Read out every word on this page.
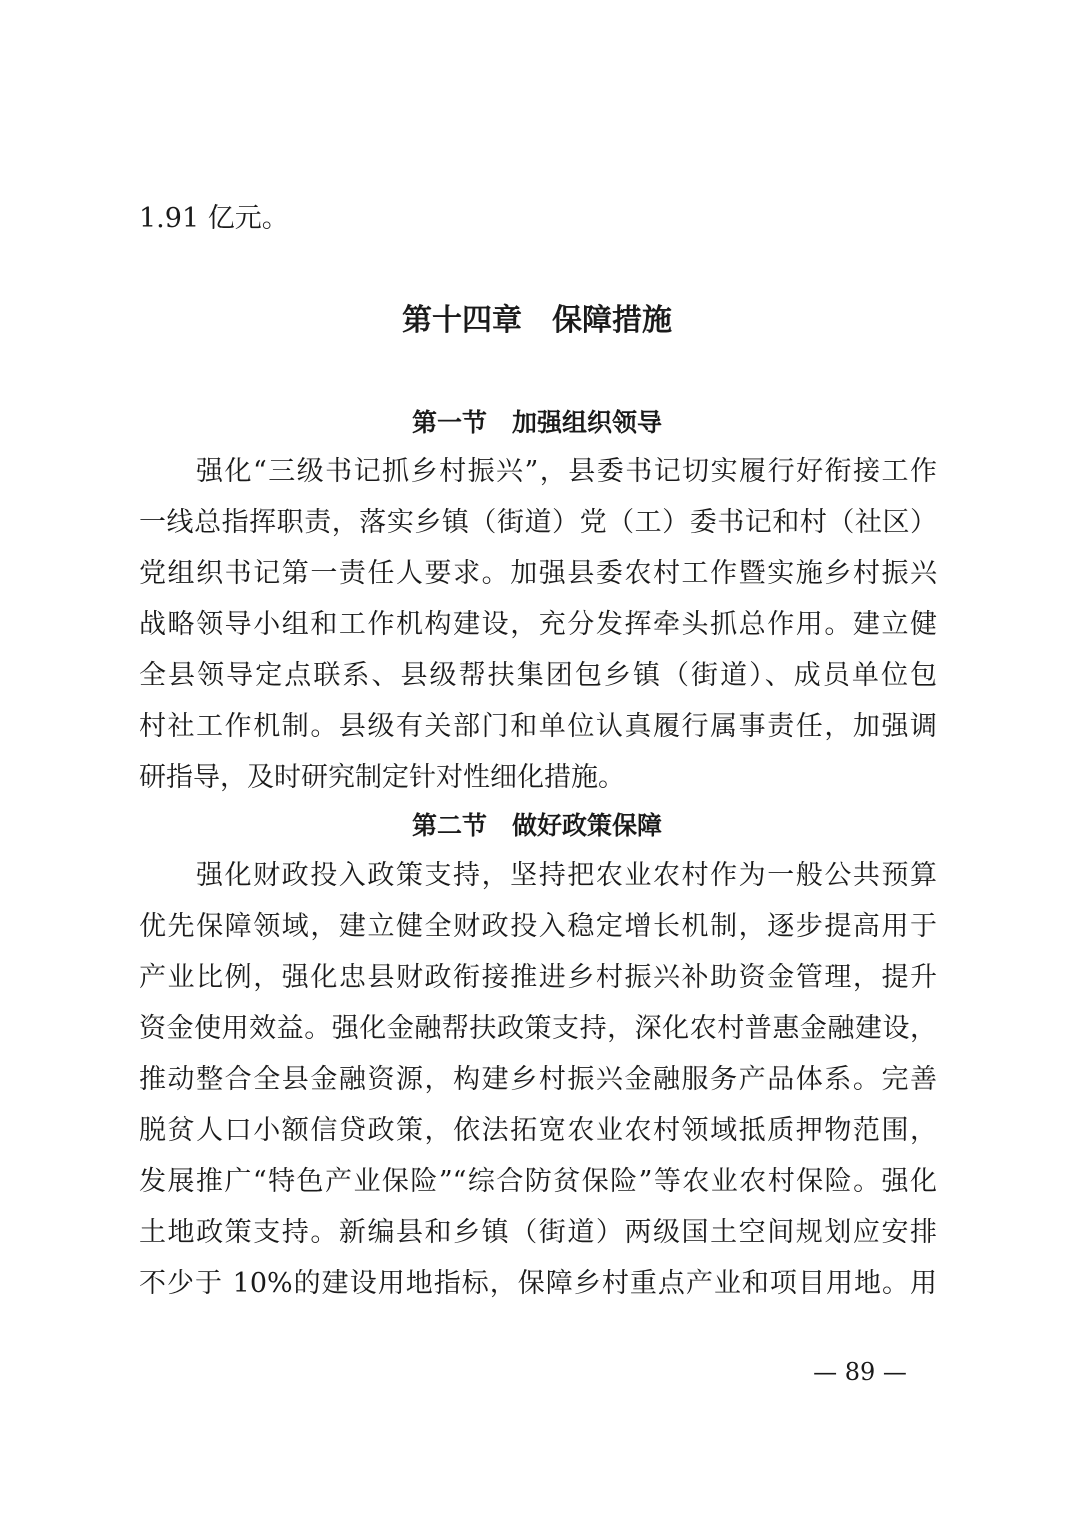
1.91 亿元。
第十四章　保障措施
第一节　加强组织领导
强化“三级书记抓乡村振兴”，县委书记切实履行好衔接工作
一线总指挥职责，落实乡镇（街道）党（工）委书记和村（社区）
党组织书记第一责任人要求。加强县委农村工作暨实施乡村振兴
战略领导小组和工作机构建设，充分发挥牵头抓总作用。建立健
全县领导定点联系、县级帮扶集团包乡镇（街道）、成员单位包
村社工作机制。县级有关部门和单位认真履行属事责任，加强调
研指导，及时研究制定针对性细化措施。
第二节　做好政策保障
强化财政投入政策支持，坚持把农业农村作为一般公共预算
优先保障领域，建立健全财政投入稳定增长机制，逐步提高用于
产业比例，强化忠县财政衔接推进乡村振兴补助资金管理，提升
资金使用效益。强化金融帮扶政策支持，深化农村普惠金融建设，
推动整合全县金融资源，构建乡村振兴金融服务产品体系。完善
脱贫人口小额信贷政策，依法拓宽农业农村领域抵质押物范围，
发展推广“特色产业保险”“综合防贫保险”等农业农村保险。强化
土地政策支持。新编县和乡镇（街道）两级国土空间规划应安排
不少于 10%的建设用地指标，保障乡村重点产业和项目用地。用
— 89 —
